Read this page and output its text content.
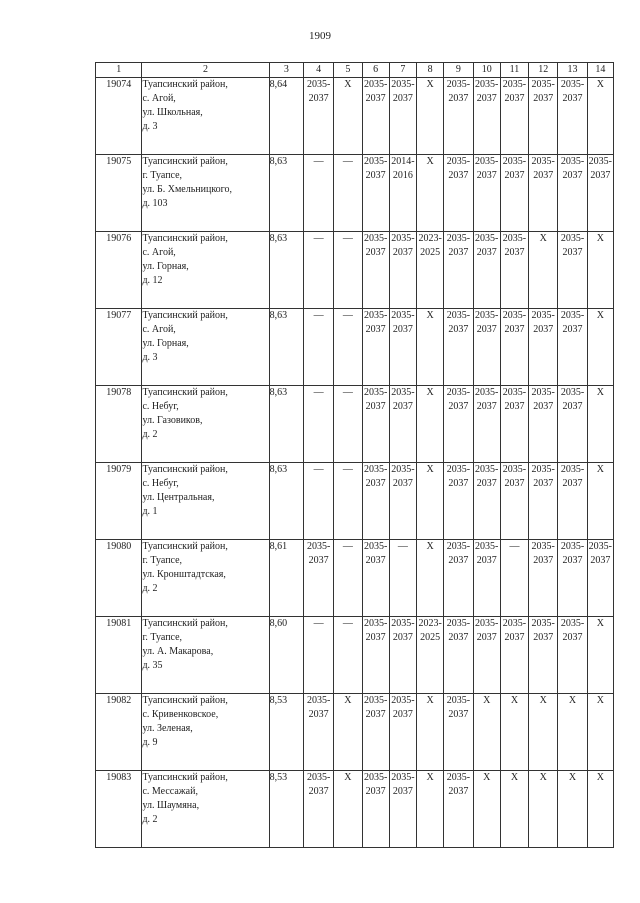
1909
1	2	3	4	5	6	7	8	9	10	11	12	13	14
19074	Туапсинский район,
с. Агой,
ул. Школьная,
д. 3	8,64	2035-
2037	X	2035-
2037	2035-
2037	X	2035-
2037	2035-
2037	2035-
2037	2035-
2037	2035-
2037	X
19075	Туапсинский район,
г. Туапсе,
ул. Б. Хмельницкого,
д. 103	8,63	—	—	2035-
2037	2014-
2016	X	2035-
2037	2035-
2037	2035-
2037	2035-
2037	2035-
2037	2035-
2037
19076	Туапсинский район,
с. Агой,
ул. Горная,
д. 12	8,63	—	—	2035-
2037	2035-
2037	2023-
2025	2035-
2037	2035-
2037	2035-
2037	X	2035-
2037	X
19077	Туапсинский район,
с. Агой,
ул. Горная,
д. 3	8,63	—	—	2035-
2037	2035-
2037	X	2035-
2037	2035-
2037	2035-
2037	2035-
2037	2035-
2037	X
19078	Туапсинский район,
с. Небуг,
ул. Газовиков,
д. 2	8,63	—	—	2035-
2037	2035-
2037	X	2035-
2037	2035-
2037	2035-
2037	2035-
2037	2035-
2037	X
19079	Туапсинский район,
с. Небуг,
ул. Центральная,
д. 1	8,63	—	—	2035-
2037	2035-
2037	X	2035-
2037	2035-
2037	2035-
2037	2035-
2037	2035-
2037	X
19080	Туапсинский район,
г. Туапсе,
ул. Кронштадтская,
д. 2	8,61	2035-
2037	—	2035-
2037	—	X	2035-
2037	2035-
2037	—	2035-
2037	2035-
2037	2035-
2037
19081	Туапсинский район,
г. Туапсе,
ул. А. Макарова,
д. 35	8,60	—	—	2035-
2037	2035-
2037	2023-
2025	2035-
2037	2035-
2037	2035-
2037	2035-
2037	2035-
2037	X
19082	Туапсинский район,
с. Кривенковское,
ул. Зеленая,
д. 9	8,53	2035-
2037	X	2035-
2037	2035-
2037	X	2035-
2037	X	X	X	X	X
19083	Туапсинский район,
с. Мессажай,
ул. Шаумяна,
д. 2	8,53	2035-
2037	X	2035-
2037	2035-
2037	X	2035-
2037	X	X	X	X	X
